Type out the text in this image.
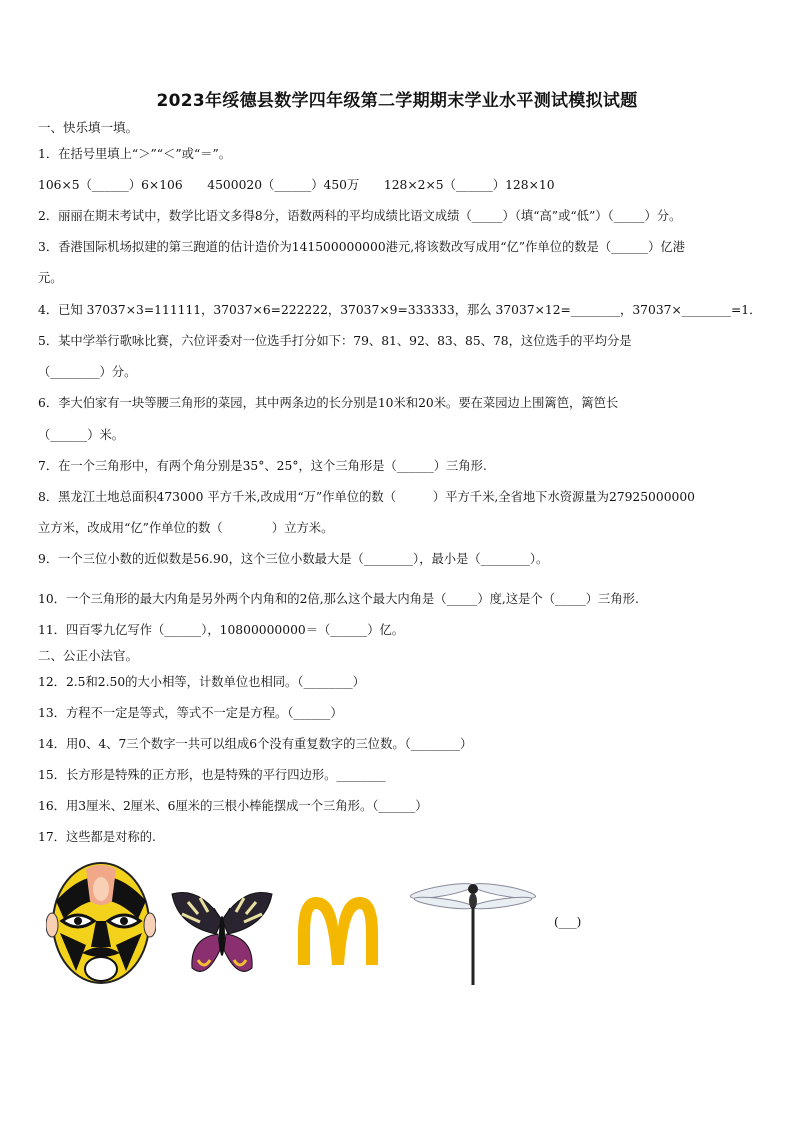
2023年绥德县数学四年级第二学期期末学业水平测试模拟试题
一、快乐填一填。
1．在括号里填上“＞”“＜”或“＝”。
106×5（______）6×106　　4500020（______）450万　　128×2×5（______）128×10
2．丽丽在期末考试中，数学比语文多得8分，语数两科的平均成绩比语文成绩（_____）（填“高”或“低”）（_____）分。
3．香港国际机场拟建的第三跑道的估计造价为141500000000港元,将该数改写成用“亿”作单位的数是（______）亿港
元。
4．已知 37037×3=111111，37037×6=222222，37037×9=333333，那么 37037×12=________，37037×________=1．
5．某中学举行歌咏比赛，六位评委对一位选手打分如下：79、81、92、83、85、78，这位选手的平均分是
（________）分。
6．李大伯家有一块等腰三角形的菜园，其中两条边的长分别是10米和20米。要在菜园边上围篱笆，篱笆长
（______）米。
7．在一个三角形中，有两个角分别是35°、25°，这个三角形是（______）三角形.
8．黑龙江土地总面积473000 平方千米,改成用“万”作单位的数（　　　）平方千米,全省地下水资源量为27925000000
立方米，改成用“亿”作单位的数（　　　　）立方米。
9．一个三位小数的近似数是56.90，这个三位小数最大是（________），最小是（________）。
10．一个三角形的最大内角是另外两个内角和的2倍,那么这个最大内角是（_____）度,这是个（_____）三角形.
11．四百零九亿写作（______），10800000000＝（______）亿。
二、公正小法官。
12．2.5和2.50的大小相等，计数单位也相同。（________）
13．方程不一定是等式，等式不一定是方程。（______）
14．用0、4、7三个数字一共可以组成6个没有重复数字的三位数。（________）
15．长方形是特殊的正方形，也是特殊的平行四边形。________
16．用3厘米、2厘米、6厘米的三根小棒能摆成一个三角形。（______）
17．这些都是对称的.
(___)
